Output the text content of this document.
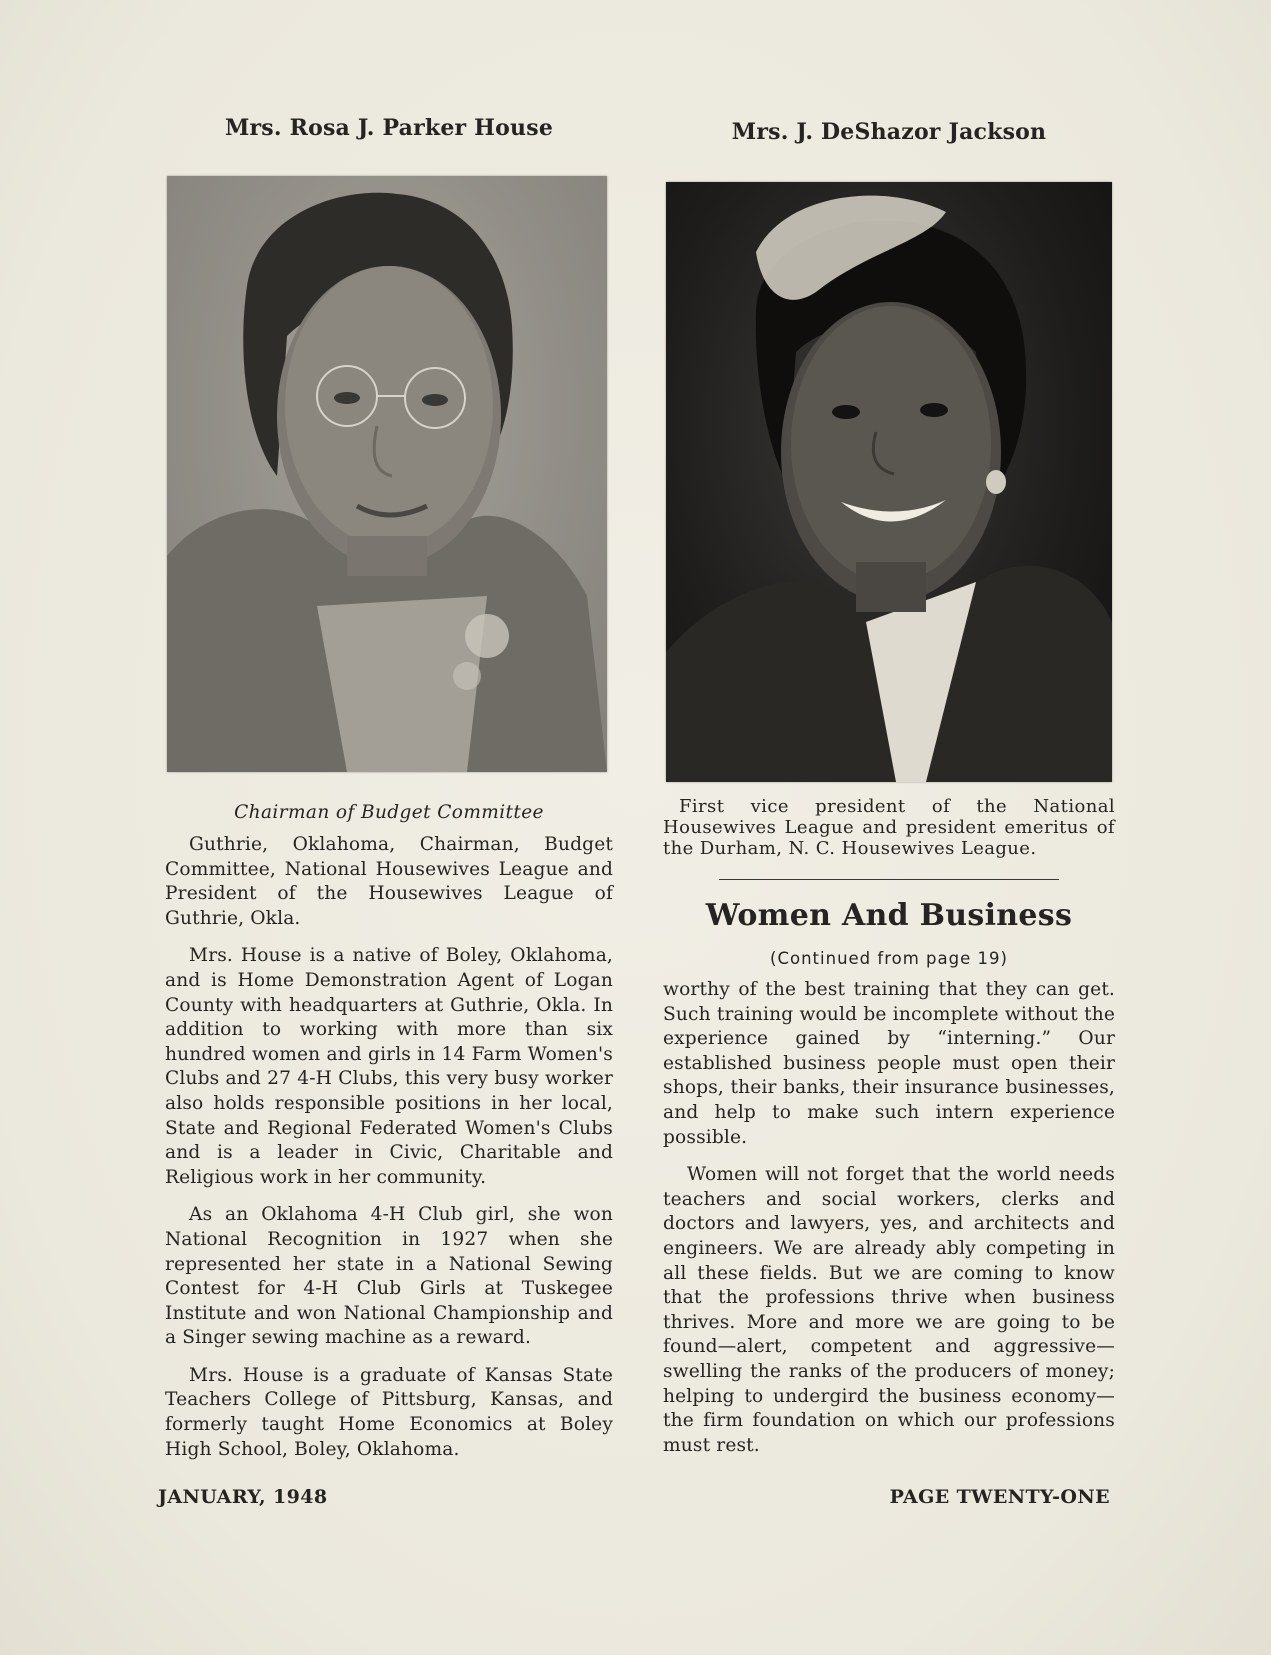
Mrs. Rosa J. Parker House
Chairman of Budget Committee

Guthrie, Oklahoma, Chairman, Budget Committee, National Housewives League and President of the Housewives League of Guthrie, Okla.

Mrs. House is a native of Boley, Oklahoma, and is Home Demonstration Agent of Logan County with headquarters at Guthrie, Okla. In addition to working with more than six hundred women and girls in 14 Farm Women's Clubs and 27 4-H Clubs, this very busy worker also holds responsible positions in her local, State and Regional Federated Women's Clubs and is a leader in Civic, Charitable and Religious work in her community.

As an Oklahoma 4-H Club girl, she won National Recognition in 1927 when she represented her state in a National Sewing Contest for 4-H Club Girls at Tuskegee Institute and won National Championship and a Singer sewing machine as a reward.

Mrs. House is a graduate of Kansas State Teachers College of Pittsburg, Kansas, and formerly taught Home Economics at Boley High School, Boley, Oklahoma.

Mrs. J. DeShazor Jackson

First vice president of the National Housewives League and president emeritus of the Durham, N. C. Housewives League.

Women And Business
(Continued from page 19)

worthy of the best training that they can get. Such training would be incomplete without the experience gained by “interning.” Our established business people must open their shops, their banks, their insurance businesses, and help to make such intern experience possible.

Women will not forget that the world needs teachers and social workers, clerks and doctors and lawyers, yes, and architects and engineers. We are already ably competing in all these fields. But we are coming to know that the professions thrive when business thrives. More and more we are going to be found—alert, competent and aggressive—swelling the ranks of the producers of money; helping to undergird the business economy—the firm foundation on which our professions must rest.

JANUARY, 1948	PAGE TWENTY-ONE
